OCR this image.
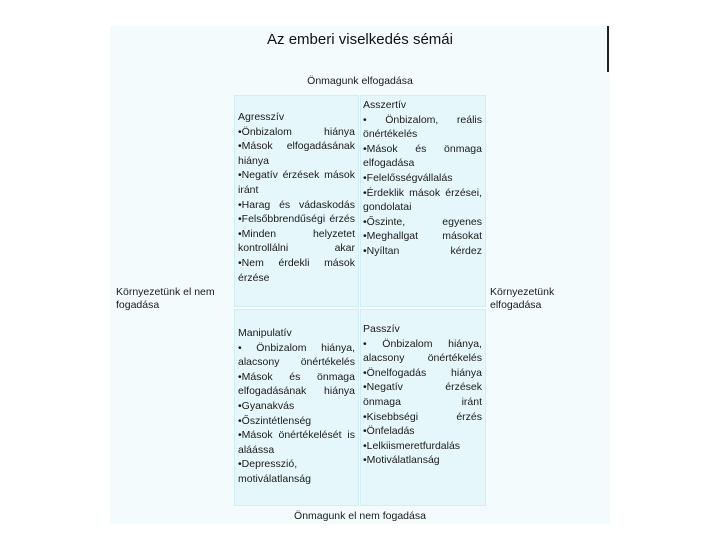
Az emberi viselkedés sémái
Önmagunk elfogadása
Önmagunk el nem fogadása
Környezetünk el nem fogadása
Környezetünk elfogadása
Agresszív
•Önbizalom hiánya
•Mások elfogadásának hiánya
•Negatív érzések mások iránt
•Harag és vádaskodás
•Felsőbbrendűségi érzés
•Minden helyzetet kontrollálni akar
•Nem érdekli mások érzése
Asszertív
• Önbizalom, reális önértékelés
•Mások és önmaga elfogadása
•Felelősségvállalás
•Érdeklik mások érzései, gondolatai
•Őszinte, egyenes
•Meghallgat másokat
•Nyíltan kérdez
Manipulatív
• Önbizalom hiánya, alacsony önértékelés
•Mások és önmaga elfogadásának hiánya
•Gyanakvás
•Őszintétlenség
•Mások önértékelését is aláássa
•Depresszió, motiválatlanság
Passzív
• Önbizalom hiánya, alacsony önértékelés
•Önelfogadás hiánya
•Negatív érzések önmaga iránt
•Kisebbségi érzés
•Önfeladás
•Lelkiismeretfurdalás
•Motiválatlanság
